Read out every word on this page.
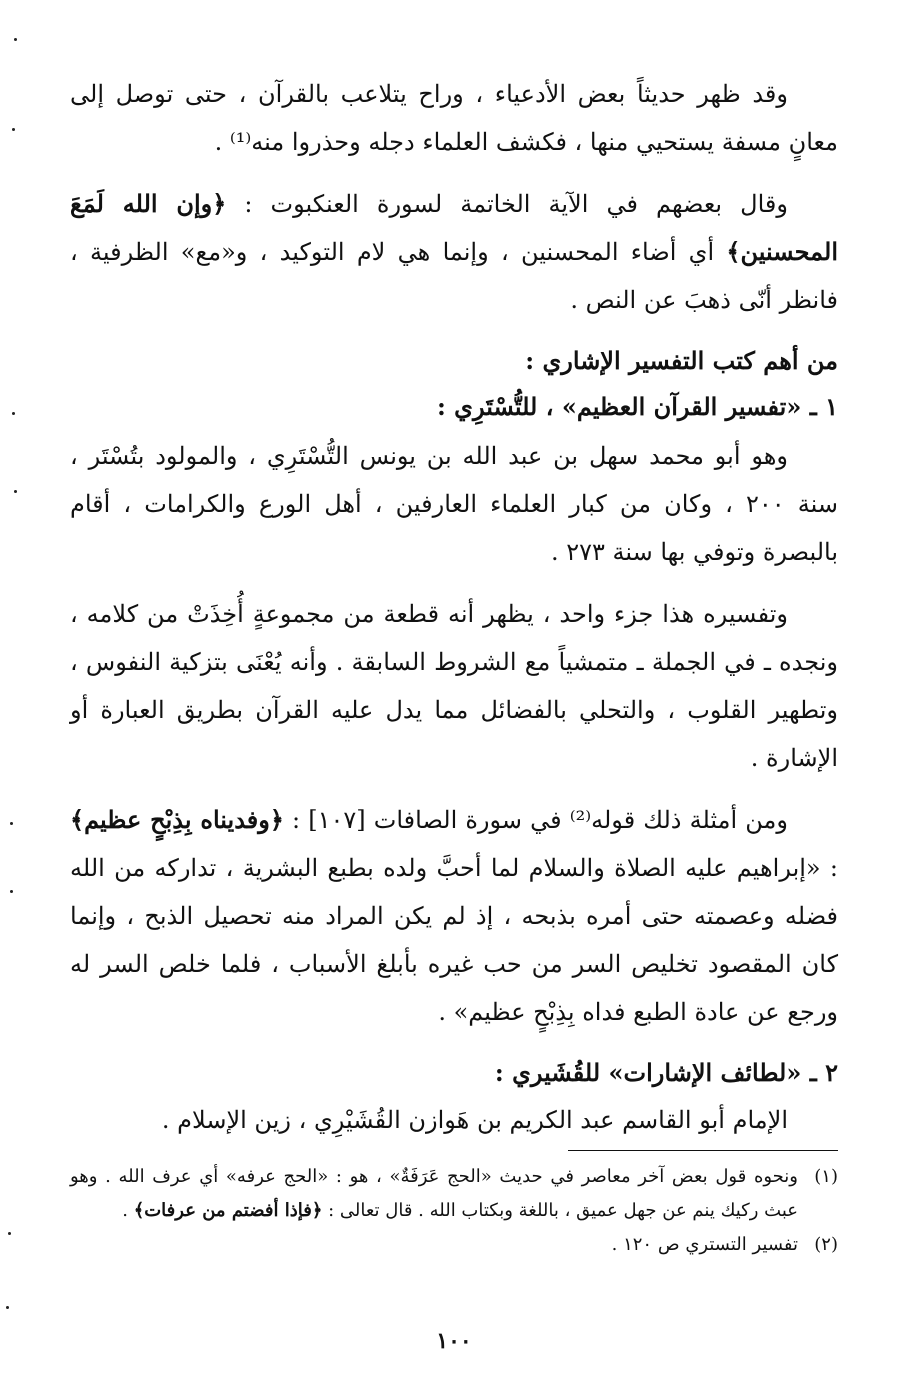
وقد ظهر حديثاً بعض الأدعياء ، وراح يتلاعب بالقرآن ، حتى توصل إلى معانٍ مسفة يستحيي منها ، فكشف العلماء دجله وحذروا منه⁽¹⁾ .

وقال بعضهم في الآية الخاتمة لسورة العنكبوت : ﴿وإن الله لَمَعَ المحسنين﴾ أي أضاء المحسنين ، وإنما هي لام التوكيد ، و«مع» الظرفية ، فانظر أنّى ذهبَ عن النص .

من أهم كتب التفسير الإشاري :

١ ـ «تفسير القرآن العظيم» ، للتُّسْتَرِي :

وهو أبو محمد سهل بن عبد الله بن يونس التُّسْتَرِي ، والمولود بتُسْتَر ، سنة ٢٠٠ ، وكان من كبار العلماء العارفين ، أهل الورع والكرامات ، أقام بالبصرة وتوفي بها سنة ٢٧٣ .

وتفسيره هذا جزء واحد ، يظهر أنه قطعة من مجموعةٍ أُخِذَتْ من كلامه ، ونجده ـ في الجملة ـ متمشياً مع الشروط السابقة . وأنه يُعْنَى بتزكية النفوس ، وتطهير القلوب ، والتحلي بالفضائل مما يدل عليه القرآن بطريق العبارة أو الإشارة .

ومن أمثلة ذلك قوله⁽²⁾ في سورة الصافات [١٠٧] : ﴿وفديناه بِذِبْحٍ عظيم﴾ : «إبراهيم عليه الصلاة والسلام لما أحبَّ ولده بطبع البشرية ، تداركه من الله فضله وعصمته حتى أمره بذبحه ، إذ لم يكن المراد منه تحصيل الذبح ، وإنما كان المقصود تخليص السر من حب غيره بأبلغ الأسباب ، فلما خلص السر له ورجع عن عادة الطبع فداه بِذِبْحٍ عظيم» .

٢ ـ «لطائف الإشارات» للقُشَيري :

الإمام أبو القاسم عبد الكريم بن هَوازن القُشَيْرِي ، زين الإسلام .

(١)
ونحوه قول بعض آخر معاصر في حديث «الحج عَرَفَةٌ» ، هو : «الحج عرفه» أي عرف الله . وهو عبث ركيك ينم عن جهل عميق ، باللغة وبكتاب الله . قال تعالى : ﴿فإذا أفضتم من عرفات﴾ .

(٢)
تفسير التستري ص ١٢٠ .

١٠٠
